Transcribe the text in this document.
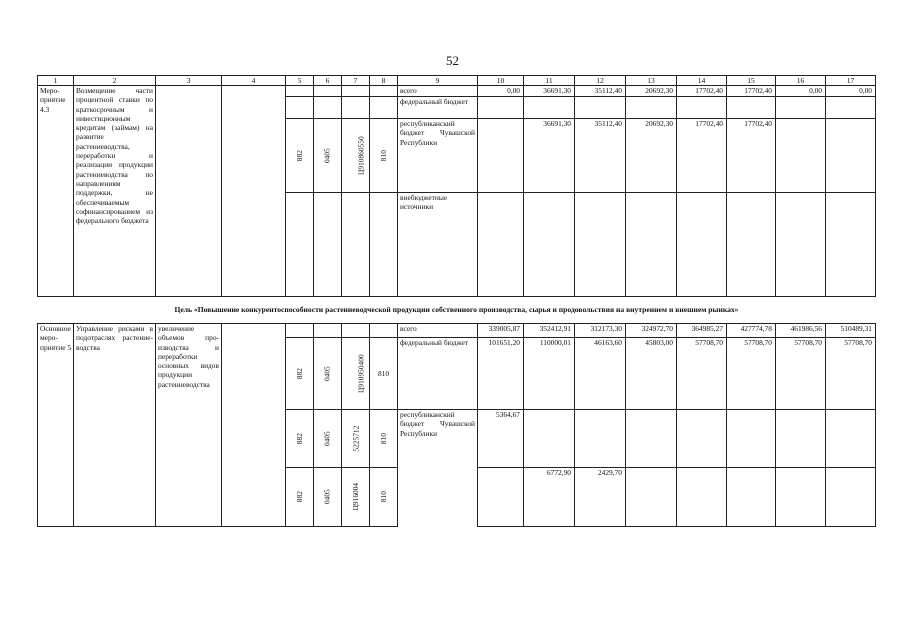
52
1	2	3	4	5	6	7	8	9	10	11	12	13	14	15	16	17
Мероприятие 4.3	Возмещение части процентной ставки по краткосрочным и инвестиционным кредитам (займам) на развитие растениеводства, переработки и реализации продукции растениеводства по направлениям поддержки, не обеспечиваемым софинансированием из федерального бюджета							всего	0,00	36691,30	35112,40	20692,30	17702,40	17702,40	0,00	0,00
								федеральный бюджет								
				882	0405	Ц910860550	810	республиканский бюджет Чувашской Республики		36691,30	35112,40	20692,30	17702,40	17702,40		
								внебюджетные источники								
Цель «Повышение конкурентоспособности растениеводческой продукции собственного производства, сырья и продовольствия на внутреннем и внешнем рынках»																
Основное мероприятие 5	Управление рисками в подотраслях растениеводства	увеличение объемов производства и переработки основных видов продукции растениеводства						всего	339005,87	352412,91	312173,30	324972,70	364985,27	427774,78	461986,56	510489,31
				882	0405	Ц910950400	810	федеральный бюджет	101651,20	110000,01	46163,60	45803,00	57708,70	57708,70	57708,70	57708,70
				882	0405	5225712	810	республиканский бюджет Чувашской Республики	5364,67							
				882	0405	Ц916004	810			6772,90	2429,70					
